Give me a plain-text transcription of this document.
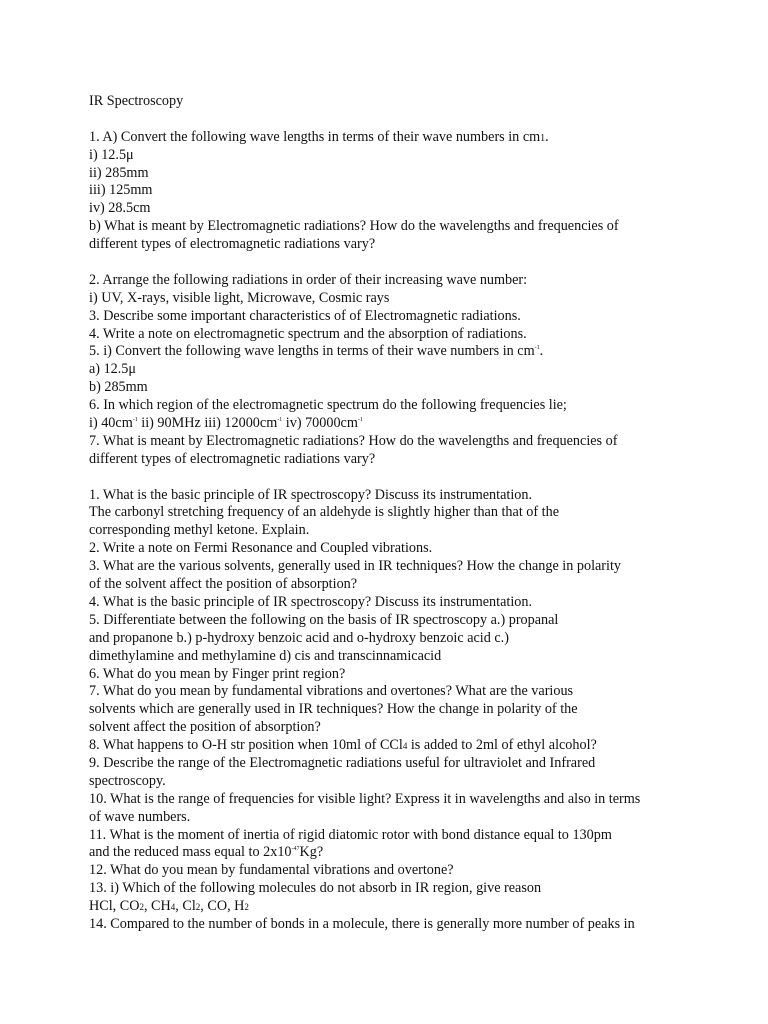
IR Spectroscopy
1. A) Convert the following wave lengths in terms of their wave numbers in cm1.
i) 12.5μ
ii) 285mm
iii) 125mm
iv) 28.5cm
b) What is meant by Electromagnetic radiations? How do the wavelengths and frequencies of
different types of electromagnetic radiations vary?
2. Arrange the following radiations in order of their increasing wave number:
i) UV, X-rays, visible light, Microwave, Cosmic rays
3. Describe some important characteristics of of Electromagnetic radiations.
4. Write a note on electromagnetic spectrum and the absorption of radiations.
5. i) Convert the following wave lengths in terms of their wave numbers in $cm^{-1}$.
a) 12.5μ
b) 285mm
6. In which region of the electromagnetic spectrum do the following frequencies lie;
i) $40cm^{-1}$ ii) 90MHz iii) $12000cm^{-1}$ iv) $70000cm^{-1}$
7. What is meant by Electromagnetic radiations? How do the wavelengths and frequencies of
different types of electromagnetic radiations vary?
1. What is the basic principle of IR spectroscopy? Discuss its instrumentation.
The carbonyl stretching frequency of an aldehyde is slightly higher than that of the
corresponding methyl ketone. Explain.
2. Write a note on Fermi Resonance and Coupled vibrations.
3. What are the various solvents, generally used in IR techniques? How the change in polarity
of the solvent affect the position of absorption?
4. What is the basic principle of IR spectroscopy? Discuss its instrumentation.
5. Differentiate between the following on the basis of IR spectroscopy a.) propanal
and propanone b.) p-hydroxy benzoic acid and o-hydroxy benzoic acid c.)
dimethylamine and methylamine d) cis and transcinnamicacid
6. What do you mean by Finger print region?
7. What do you mean by fundamental vibrations and overtones? What are the various
solvents which are generally used in IR techniques? How the change in polarity of the
solvent affect the position of absorption?
8. What happens to O-H str position when 10ml of CCl4 is added to 2ml of ethyl alcohol?
9. Describe the range of the Electromagnetic radiations useful for ultraviolet and Infrared
spectroscopy.
10. What is the range of frequencies for visible light? Express it in wavelengths and also in terms
of wave numbers.
11. What is the moment of inertia of rigid diatomic rotor with bond distance equal to 130pm
and the reduced mass equal to $2x10^{-47}Kg$?
12. What do you mean by fundamental vibrations and overtone?
13. i) Which of the following molecules do not absorb in IR region, give reason
HCl, CO2, CH4, Cl2, CO, H2
14. Compared to the number of bonds in a molecule, there is generally more number of peaks in
